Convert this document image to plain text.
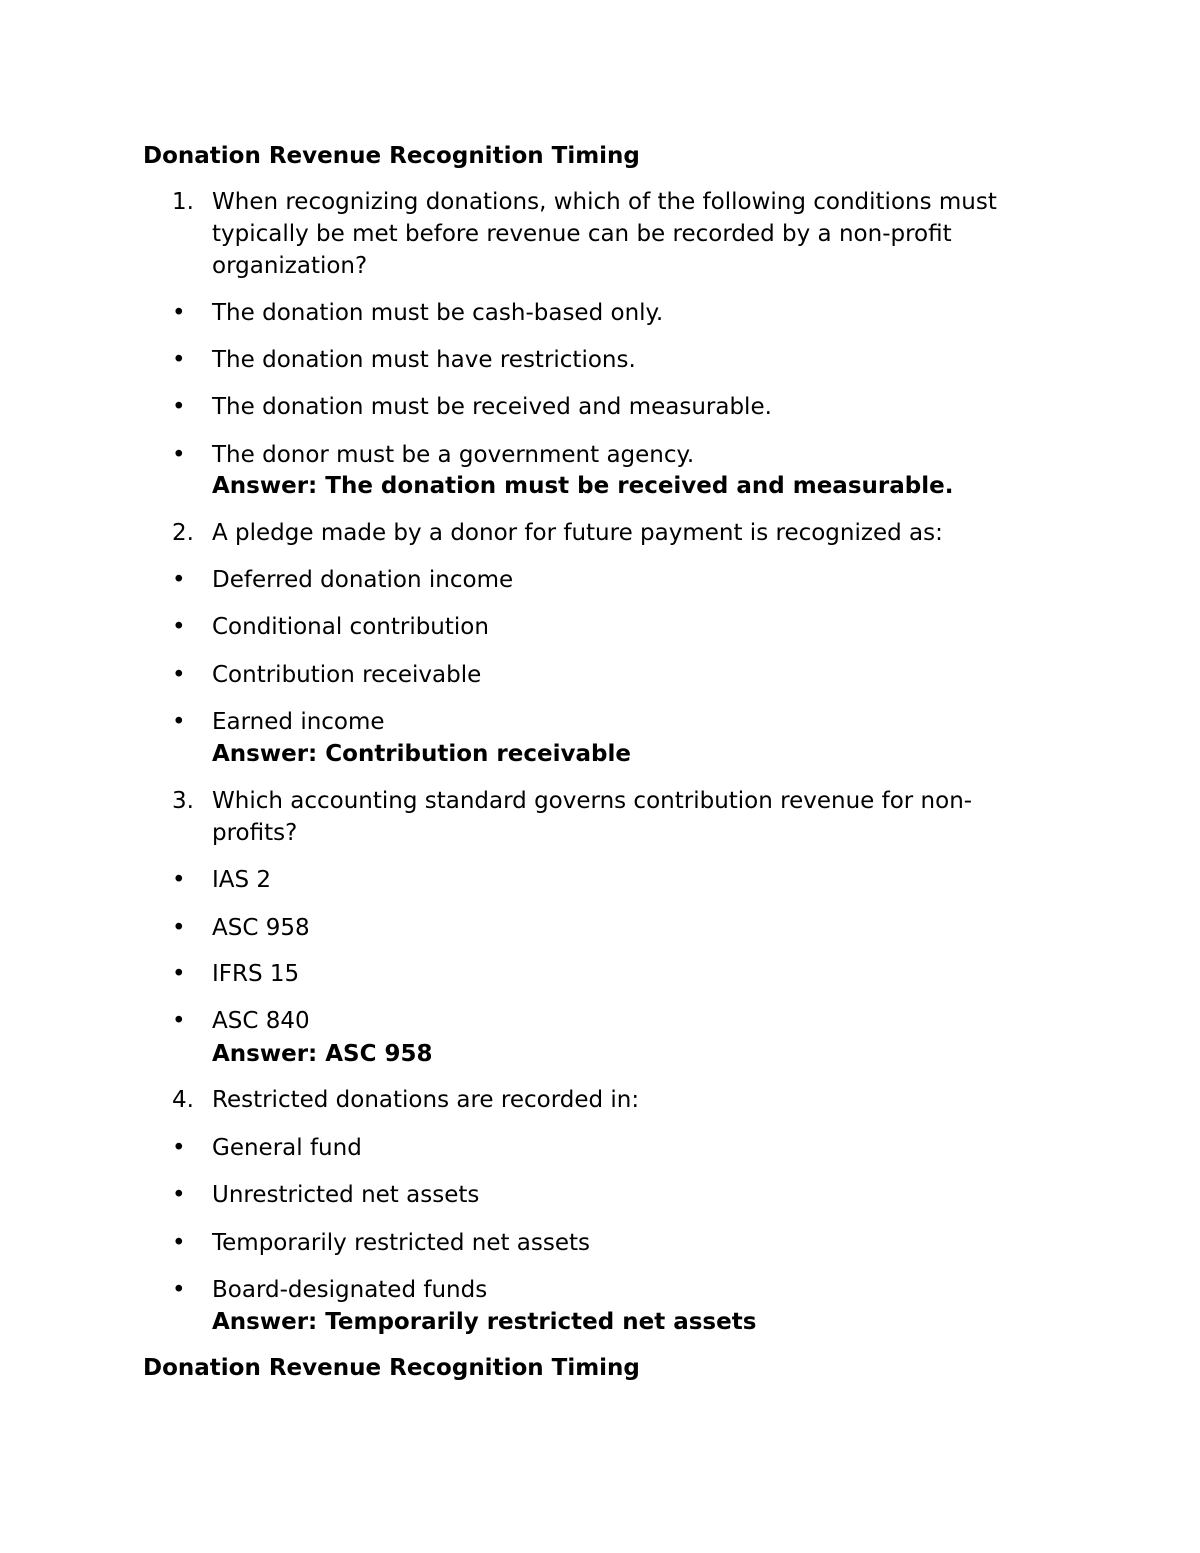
Donation Revenue Recognition Timing
1. When recognizing donations, which of the following conditions must typically be met before revenue can be recorded by a non-profit organization?
• The donation must be cash-based only.
• The donation must have restrictions.
• The donation must be received and measurable.
• The donor must be a government agency.
Answer: The donation must be received and measurable.
2. A pledge made by a donor for future payment is recognized as:
• Deferred donation income
• Conditional contribution
• Contribution receivable
• Earned income
Answer: Contribution receivable
3. Which accounting standard governs contribution revenue for non-profits?
• IAS 2
• ASC 958
• IFRS 15
• ASC 840
Answer: ASC 958
4. Restricted donations are recorded in:
• General fund
• Unrestricted net assets
• Temporarily restricted net assets
• Board-designated funds
Answer: Temporarily restricted net assets
Donation Revenue Recognition Timing
